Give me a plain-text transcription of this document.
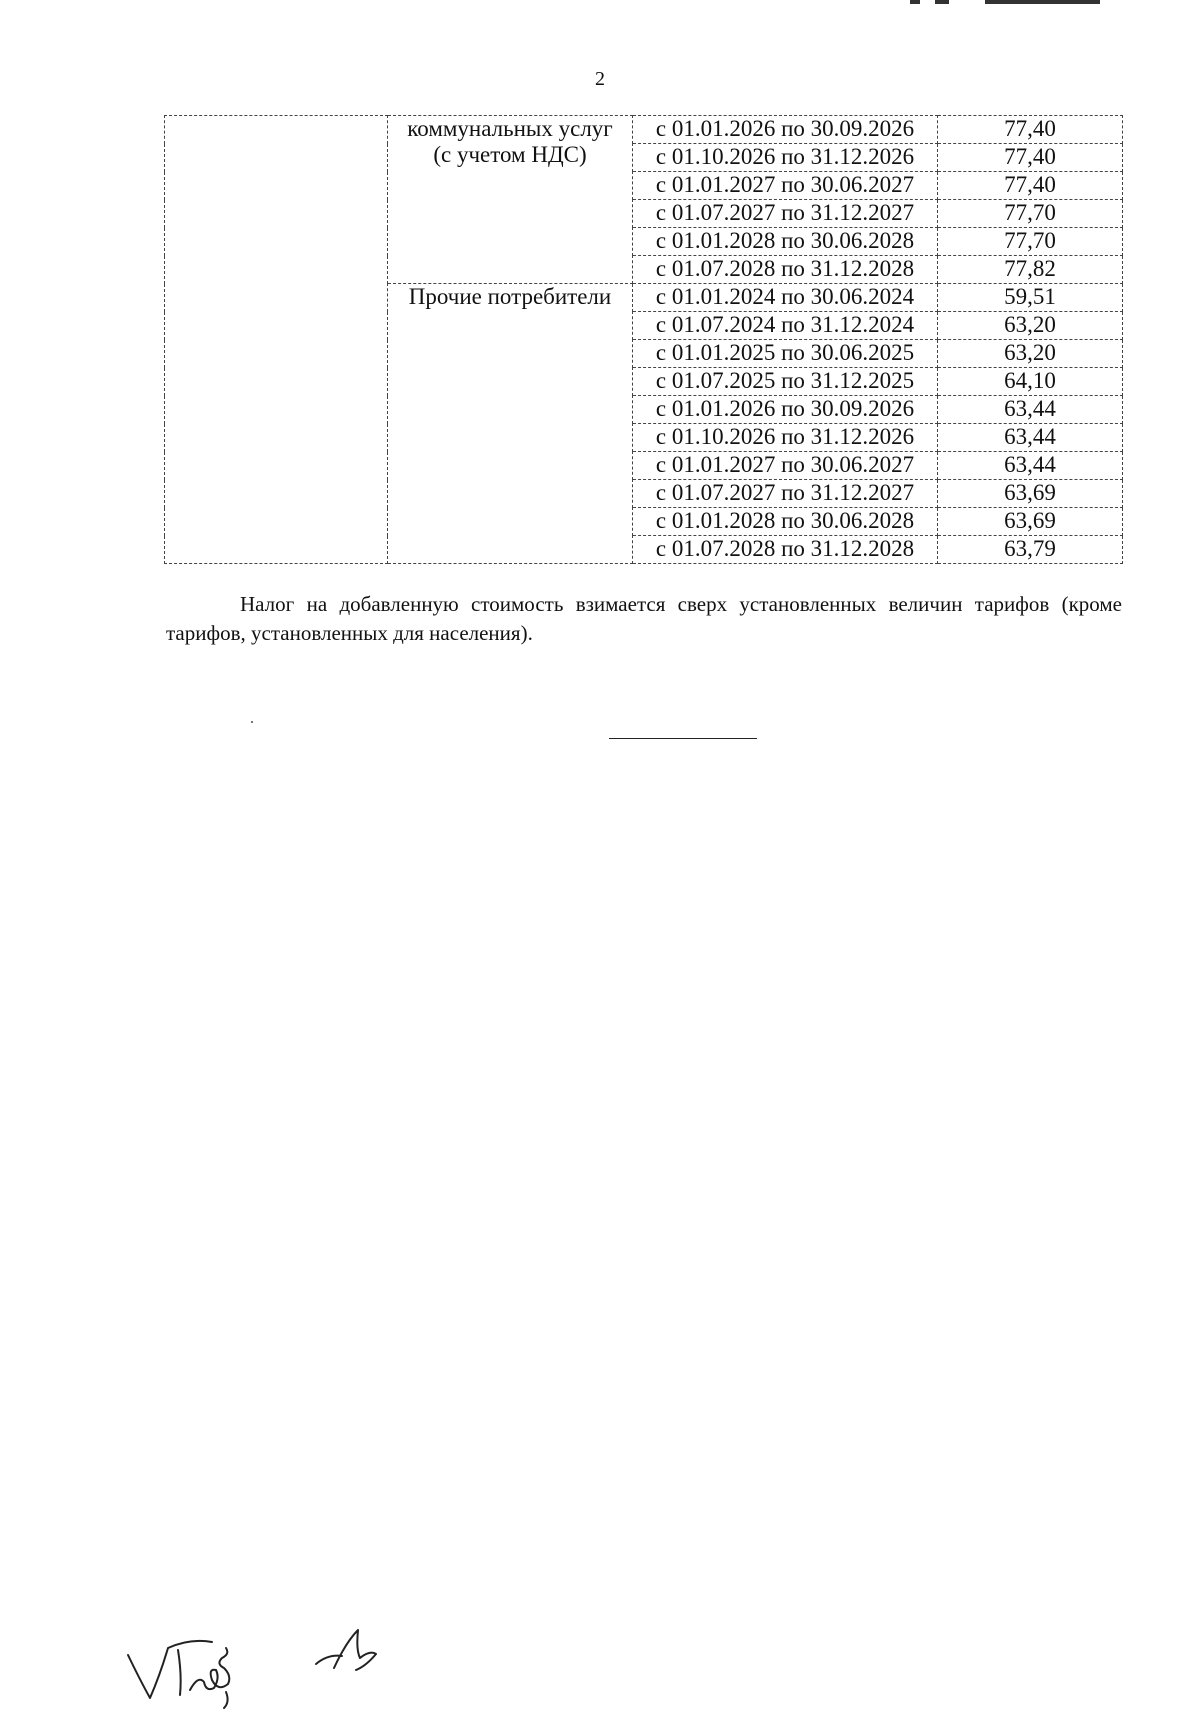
2

	коммунальных услуг
(с учетом НДС)	с 01.01.2026 по 30.09.2026	77,40
		с 01.10.2026 по 31.12.2026	77,40
		с 01.01.2027 по 30.06.2027	77,40
		с 01.07.2027 по 31.12.2027	77,70
		с 01.01.2028 по 30.06.2028	77,70
		с 01.07.2028 по 31.12.2028	77,82

	Прочие потребители	с 01.01.2024 по 30.06.2024	59,51
		с 01.07.2024 по 31.12.2024	63,20
		с 01.01.2025 по 30.06.2025	63,20
		с 01.07.2025 по 31.12.2025	64,10
		с 01.01.2026 по 30.09.2026	63,44
		с 01.10.2026 по 31.12.2026	63,44
		с 01.01.2027 по 30.06.2027	63,44
		с 01.07.2027 по 31.12.2027	63,69
		с 01.01.2028 по 30.06.2028	63,69
		с 01.07.2028 по 31.12.2028	63,79
Налог на добавленную стоимость взимается сверх установленных величин тарифов (кроме тарифов, установленных для населения).
